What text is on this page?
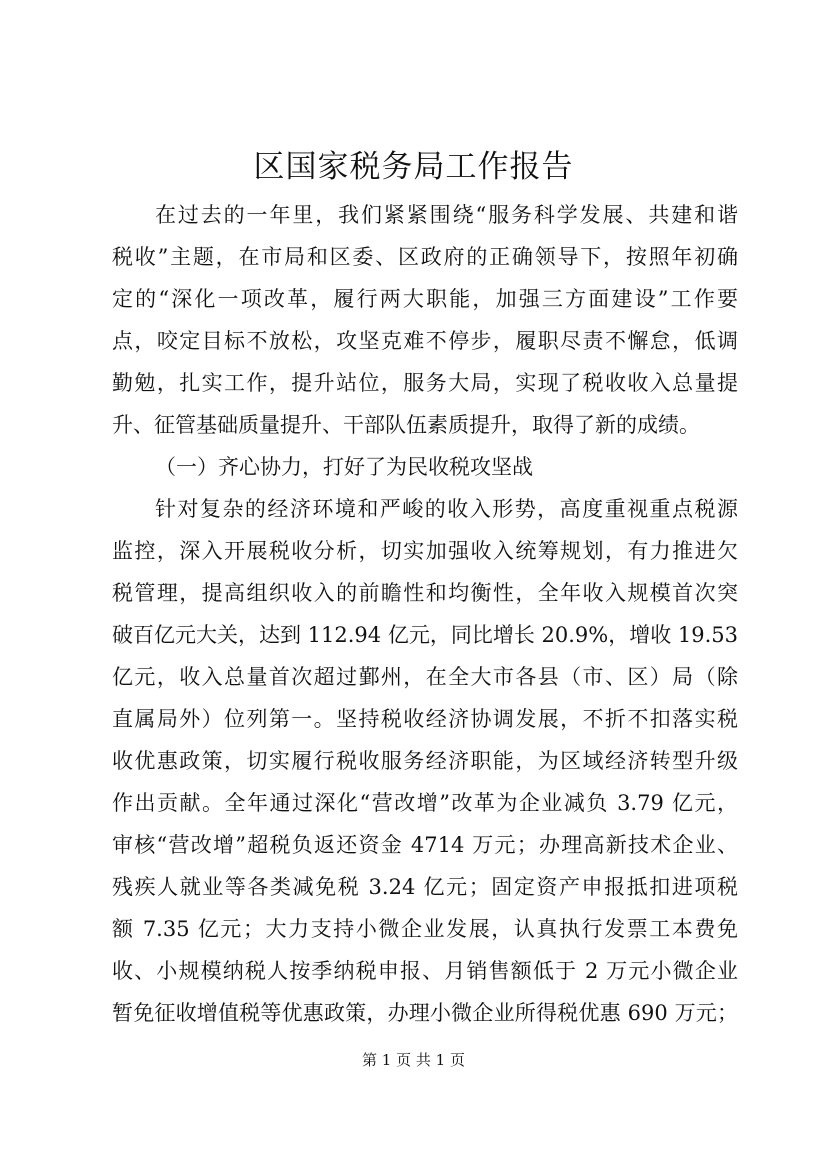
区国家税务局工作报告
在过去的一年里，我们紧紧围绕“服务科学发展、共建和谐
税收”主题，在市局和区委、区政府的正确领导下，按照年初确
定的“深化一项改革，履行两大职能，加强三方面建设”工作要
点，咬定目标不放松，攻坚克难不停步，履职尽责不懈怠，低调
勤勉，扎实工作，提升站位，服务大局，实现了税收收入总量提
升、征管基础质量提升、干部队伍素质提升，取得了新的成绩。
（一）齐心协力，打好了为民收税攻坚战
针对复杂的经济环境和严峻的收入形势，高度重视重点税源
监控，深入开展税收分析，切实加强收入统筹规划，有力推进欠
税管理，提高组织收入的前瞻性和均衡性，全年收入规模首次突
破百亿元大关，达到 112.94 亿元，同比增长 20.9%，增收 19.53
亿元，收入总量首次超过鄞州，在全大市各县（市、区）局（除
直属局外）位列第一。坚持税收经济协调发展，不折不扣落实税
收优惠政策，切实履行税收服务经济职能，为区域经济转型升级
作出贡献。全年通过深化“营改增”改革为企业减负 3.79 亿元，
审核“营改增”超税负返还资金 4714 万元；办理高新技术企业、
残疾人就业等各类减免税 3.24 亿元；固定资产申报抵扣进项税
额 7.35 亿元；大力支持小微企业发展，认真执行发票工本费免
收、小规模纳税人按季纳税申报、月销售额低于 2 万元小微企业
暂免征收增值税等优惠政策，办理小微企业所得税优惠 690 万元；
第 1 页 共 1 页
